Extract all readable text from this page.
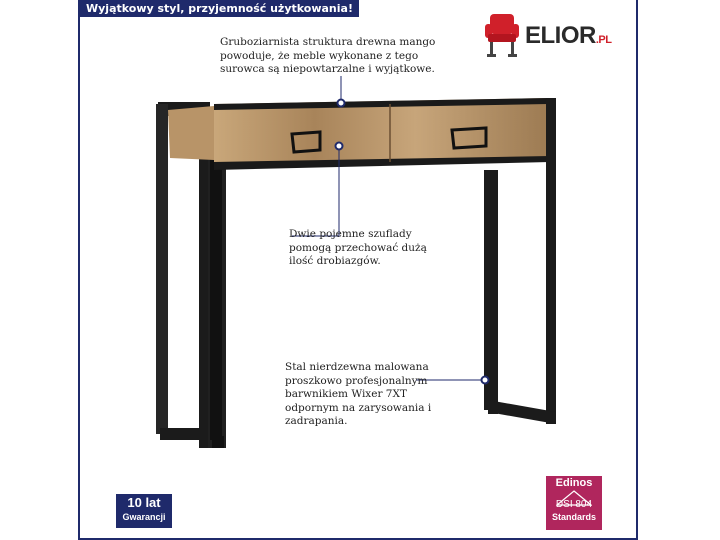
Wyjątkowy styl, przyjemność użytkowania!
ELIOR.PL
Gruboziarnista struktura drewna mango
powoduje, że meble wykonane z tego
surowca są niepowtarzalne i wyjątkowe.
Dwie pojemne szuflady
pomogą przechować dużą
ilość drobiazgów.
Stal nierdzewna malowana
proszkowo profesjonalnym
barwnikiem Wixer 7XT
odpornym na zarysowania i
zadrapania.
10 lat
Gwarancji
Edinos
DSI 804
Standards
